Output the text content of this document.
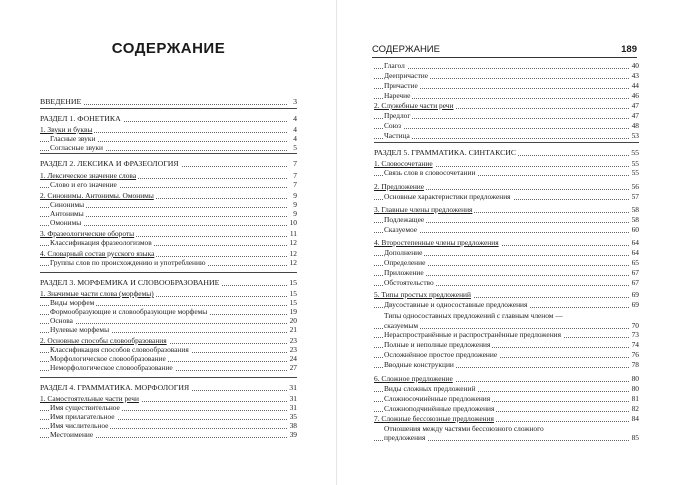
СОДЕРЖАНИЕ
ВВЕДЕНИЕ	3
РАЗДЕЛ 1. ФОНЕТИКА	4
1. Звуки и буквы	4
Гласные звуки	4
Согласные звуки	5
РАЗДЕЛ 2. ЛЕКСИКА И ФРАЗЕОЛОГИЯ	7
1. Лексическое значение слова	7
Слово и его значение	7
2. Синонимы. Антонимы. Омонимы	9
Синонимы	9
Антонимы	9
Омонимы	10
3. Фразеологические обороты	11
Классификация фразеологизмов	12
4. Словарный состав русского языка	12
Группы слов по происхождению и употреблению	12
РАЗДЕЛ 3. МОРФЕМИКА И СЛОВООБРАЗОВАНИЕ	15
1. Значимые части слова (морфемы)	15
Виды морфем	15
Формообразующие и словообразующие морфемы	19
Основа	20
Нулевые морфемы	21
2. Основные способы словообразования	23
Классификация способов словообразования	23
Морфологическое словообразование	24
Неморфологическое словообразование	27
РАЗДЕЛ 4. ГРАММАТИКА. МОРФОЛОГИЯ	31
1. Самостоятельные части речи	31
Имя существительное	31
Имя прилагательное	35
Имя числительное	38
Местоимение	39
СОДЕРЖАНИЕ	189
Глагол	40
Деепричастие	43
Причастие	44
Наречие	46
2. Служебные части речи	47
Предлог	47
Союз	48
Частица	53
РАЗДЕЛ 5. ГРАММАТИКА. СИНТАКСИС	55
1. Словосочетание	55
Связь слов в словосочетании	55
2. Предложение	56
Основные характеристики предложения	57
3. Главные члены предложения	58
Подлежащее	58
Сказуемое	60
4. Второстепенные члены предложения	64
Дополнение	64
Определение	65
Приложение	67
Обстоятельство	67
5. Типы простых предложений	69
Двусоставные и односоставные предложения	69
Типы односоставных предложений с главным членом —
сказуемым	70
Нераспространённые и распространённые предложения	73
Полные и неполные предложения	74
Осложнённое простое предложение	76
Вводные конструкции	78
6. Сложное предложение	80
Виды сложных предложений	80
Сложносочинённые предложения	81
Сложноподчинённые предложения	82
7. Сложные бессоюзные предложения	84
Отношения между частями бессоюзного сложного
предложения	85
